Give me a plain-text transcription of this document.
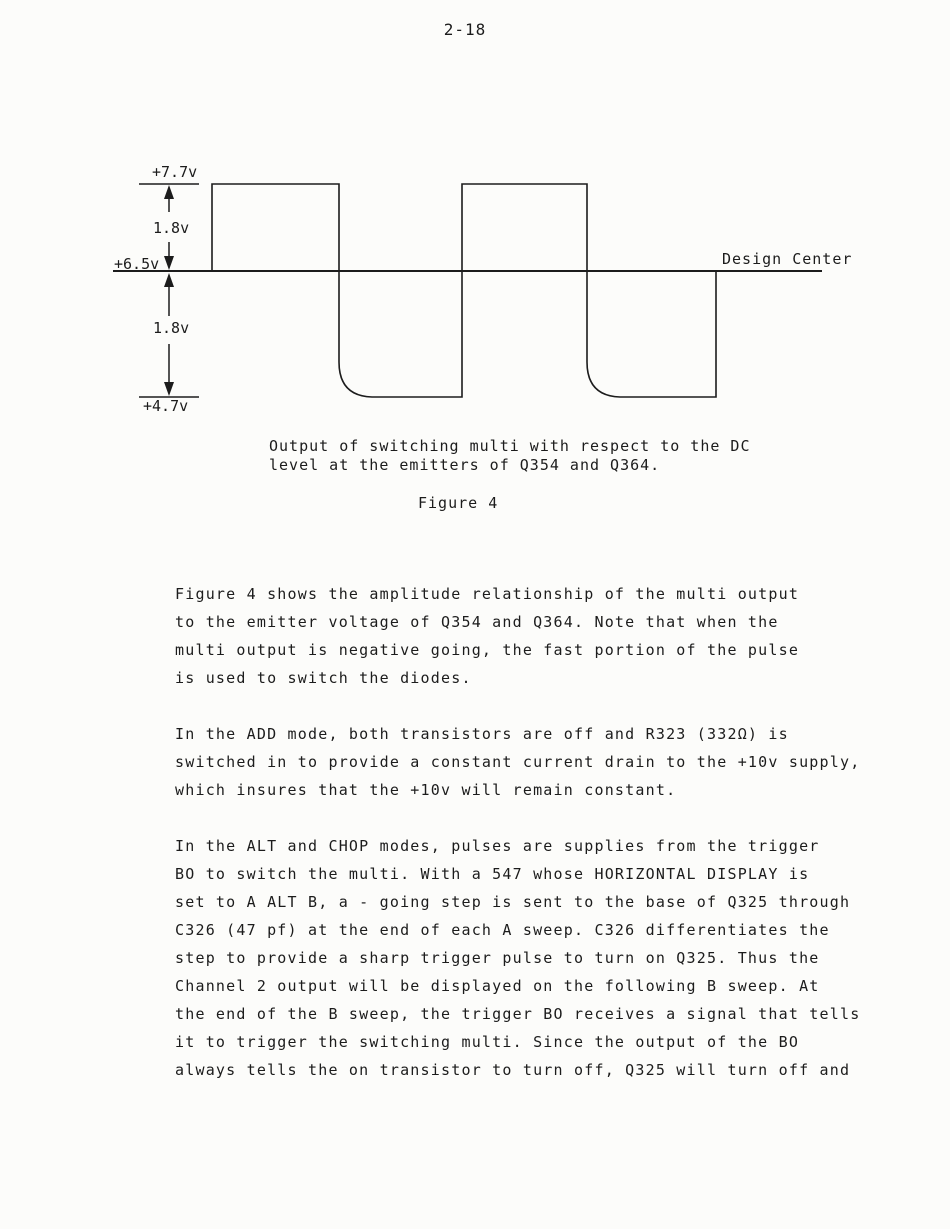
2-18
+7.7v
1.8v
+6.5v
1.8v
+4.7v
Design Center
Output of switching multi with respect to the DC
level at the emitters of Q354 and Q364.
Figure 4
Figure 4 shows the amplitude relationship of the multi output
to the emitter voltage of Q354 and Q364. Note that when the
multi output is negative going, the fast portion of the pulse
is used to switch the diodes.
In the ADD mode, both transistors are off and R323 (332Ω) is
switched in to provide a constant current drain to the +10v supply,
which insures that the +10v will remain constant.
In the ALT and CHOP modes, pulses are supplies from the trigger
BO to switch the multi. With a 547 whose HORIZONTAL DISPLAY is
set to A ALT B, a - going step is sent to the base of Q325 through
C326 (47 pf) at the end of each A sweep. C326 differentiates the
step to provide a sharp trigger pulse to turn on Q325. Thus the
Channel 2 output will be displayed on the following B sweep. At
the end of the B sweep, the trigger BO receives a signal that tells
it to trigger the switching multi. Since the output of the BO
always tells the on transistor to turn off, Q325 will turn off and
